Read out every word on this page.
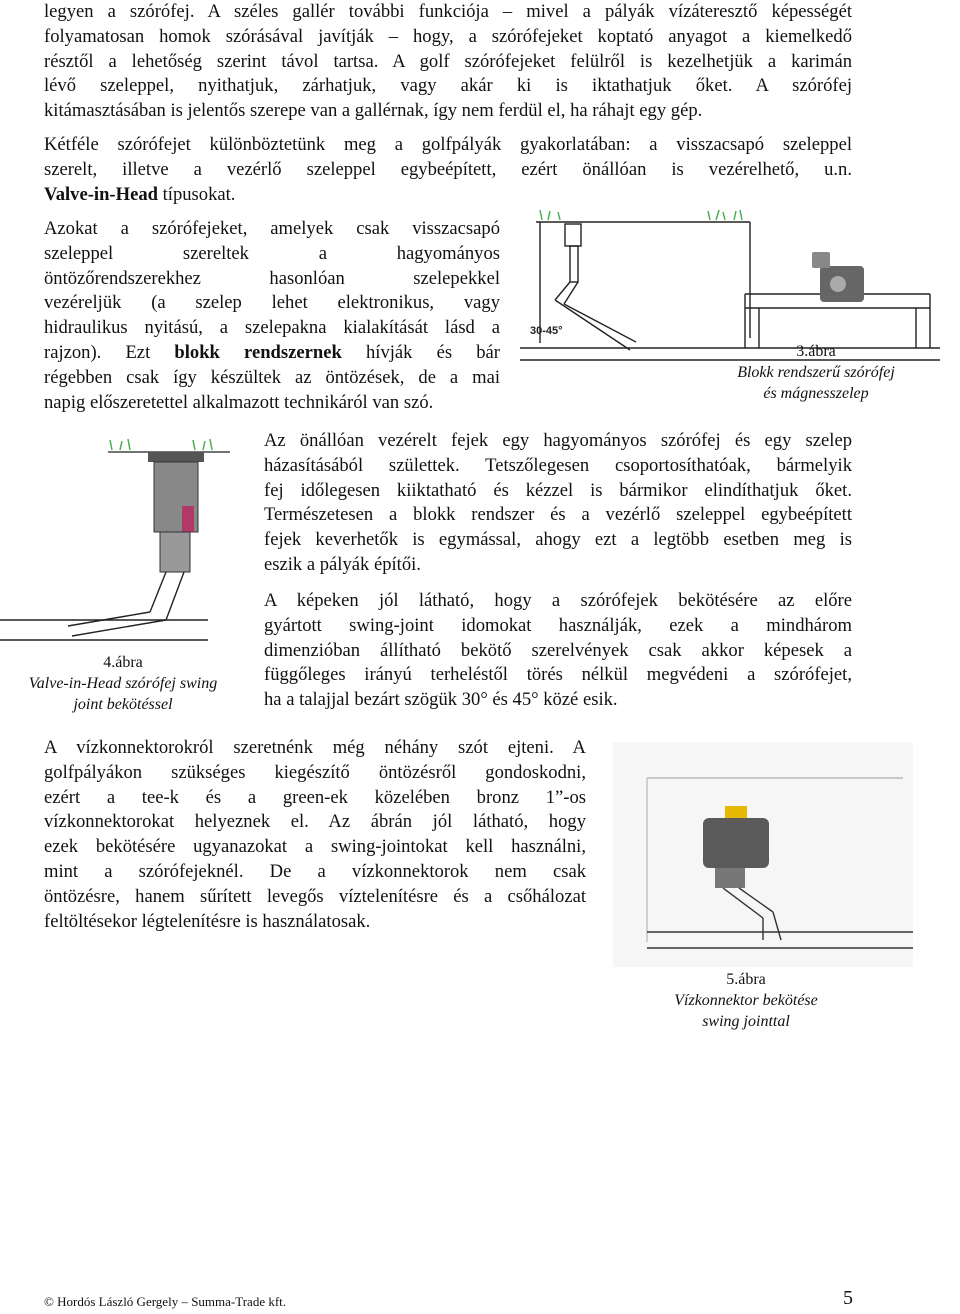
legyen a szórófej. A széles gallér további funkciója – mivel a pályák vízáteresztő képességét
folyamatosan homok szórásával javítják – hogy, a szórófejeket koptató anyagot a kiemelkedő
résztől a lehetőség szerint távol tartsa. A golf szórófejeket felülről is kezelhetjük a karimán
lévő szeleppel, nyithatjuk, zárhatjuk, vagy akár ki is iktathatjuk őket. A szórófej
kitámasztásában is jelentős szerepe van a gallérnak, így nem ferdül el, ha ráhajt egy gép.
Kétféle szórófejet különböztetünk meg a golfpályák gyakorlatában: a visszacsapó szeleppel
szerelt, illetve a vezérlő szeleppel egybeépített, ezért önállóan is vezérelhető, u.n.
Valve-in-Head típusokat.
Azokat a szórófejeket, amelyek csak visszacsapó
szeleppel szereltek a hagyományos
öntözőrendszerekhez hasonlóan szelepekkel
vezéreljük (a szelep lehet elektronikus, vagy
hidraulikus nyitású, a szelepakna kialakítását lásd a
rajzon). Ezt blokk rendszernek hívják és bár
régebben csak így készültek az öntözések, de a mai
napig előszeretettel alkalmazott technikáról van szó.
30-45°
3.ábra
Blokk rendszerű szórófej
és mágnesszelep
4.ábra
Valve-in-Head szórófej swing
joint bekötéssel
Az önállóan vezérelt fejek egy hagyományos szórófej és egy szelep
házasításából születtek. Tetszőlegesen csoportosíthatóak, bármelyik
fej időlegesen kiiktatható és kézzel is bármikor elindíthatjuk őket.
Természetesen a blokk rendszer és a vezérlő szeleppel egybeépített
fejek keverhetők is egymással, ahogy ezt a legtöbb esetben meg is
eszik a pályák építői.
A képeken jól látható, hogy a szórófejek bekötésére az előre
gyártott swing-joint idomokat használják, ezek a mindhárom
dimenzióban állítható bekötő szerelvények csak akkor képesek a
függőleges irányú terheléstől törés nélkül megvédeni a szórófejet,
ha a talajjal bezárt szögük 30° és 45° közé esik.
A vízkonnektorokról szeretnénk még néhány szót ejteni. A
golfpályákon szükséges kiegészítő öntözésről gondoskodni,
ezért a tee-k és a green-ek közelében bronz 1”-os
vízkonnektorokat helyeznek el. Az ábrán jól látható, hogy
ezek bekötésére ugyanazokat a swing-jointokat kell használni,
mint a szórófejeknél. De a vízkonnektorok nem csak
öntözésre, hanem sűrített levegős víztelenítésre és a csőhálozat
feltöltésekor légtelenítésre is használatosak.
5.ábra
Vízkonnektor bekötése
swing jointtal
© Hordós László Gergely – Summa-Trade kft.	5
